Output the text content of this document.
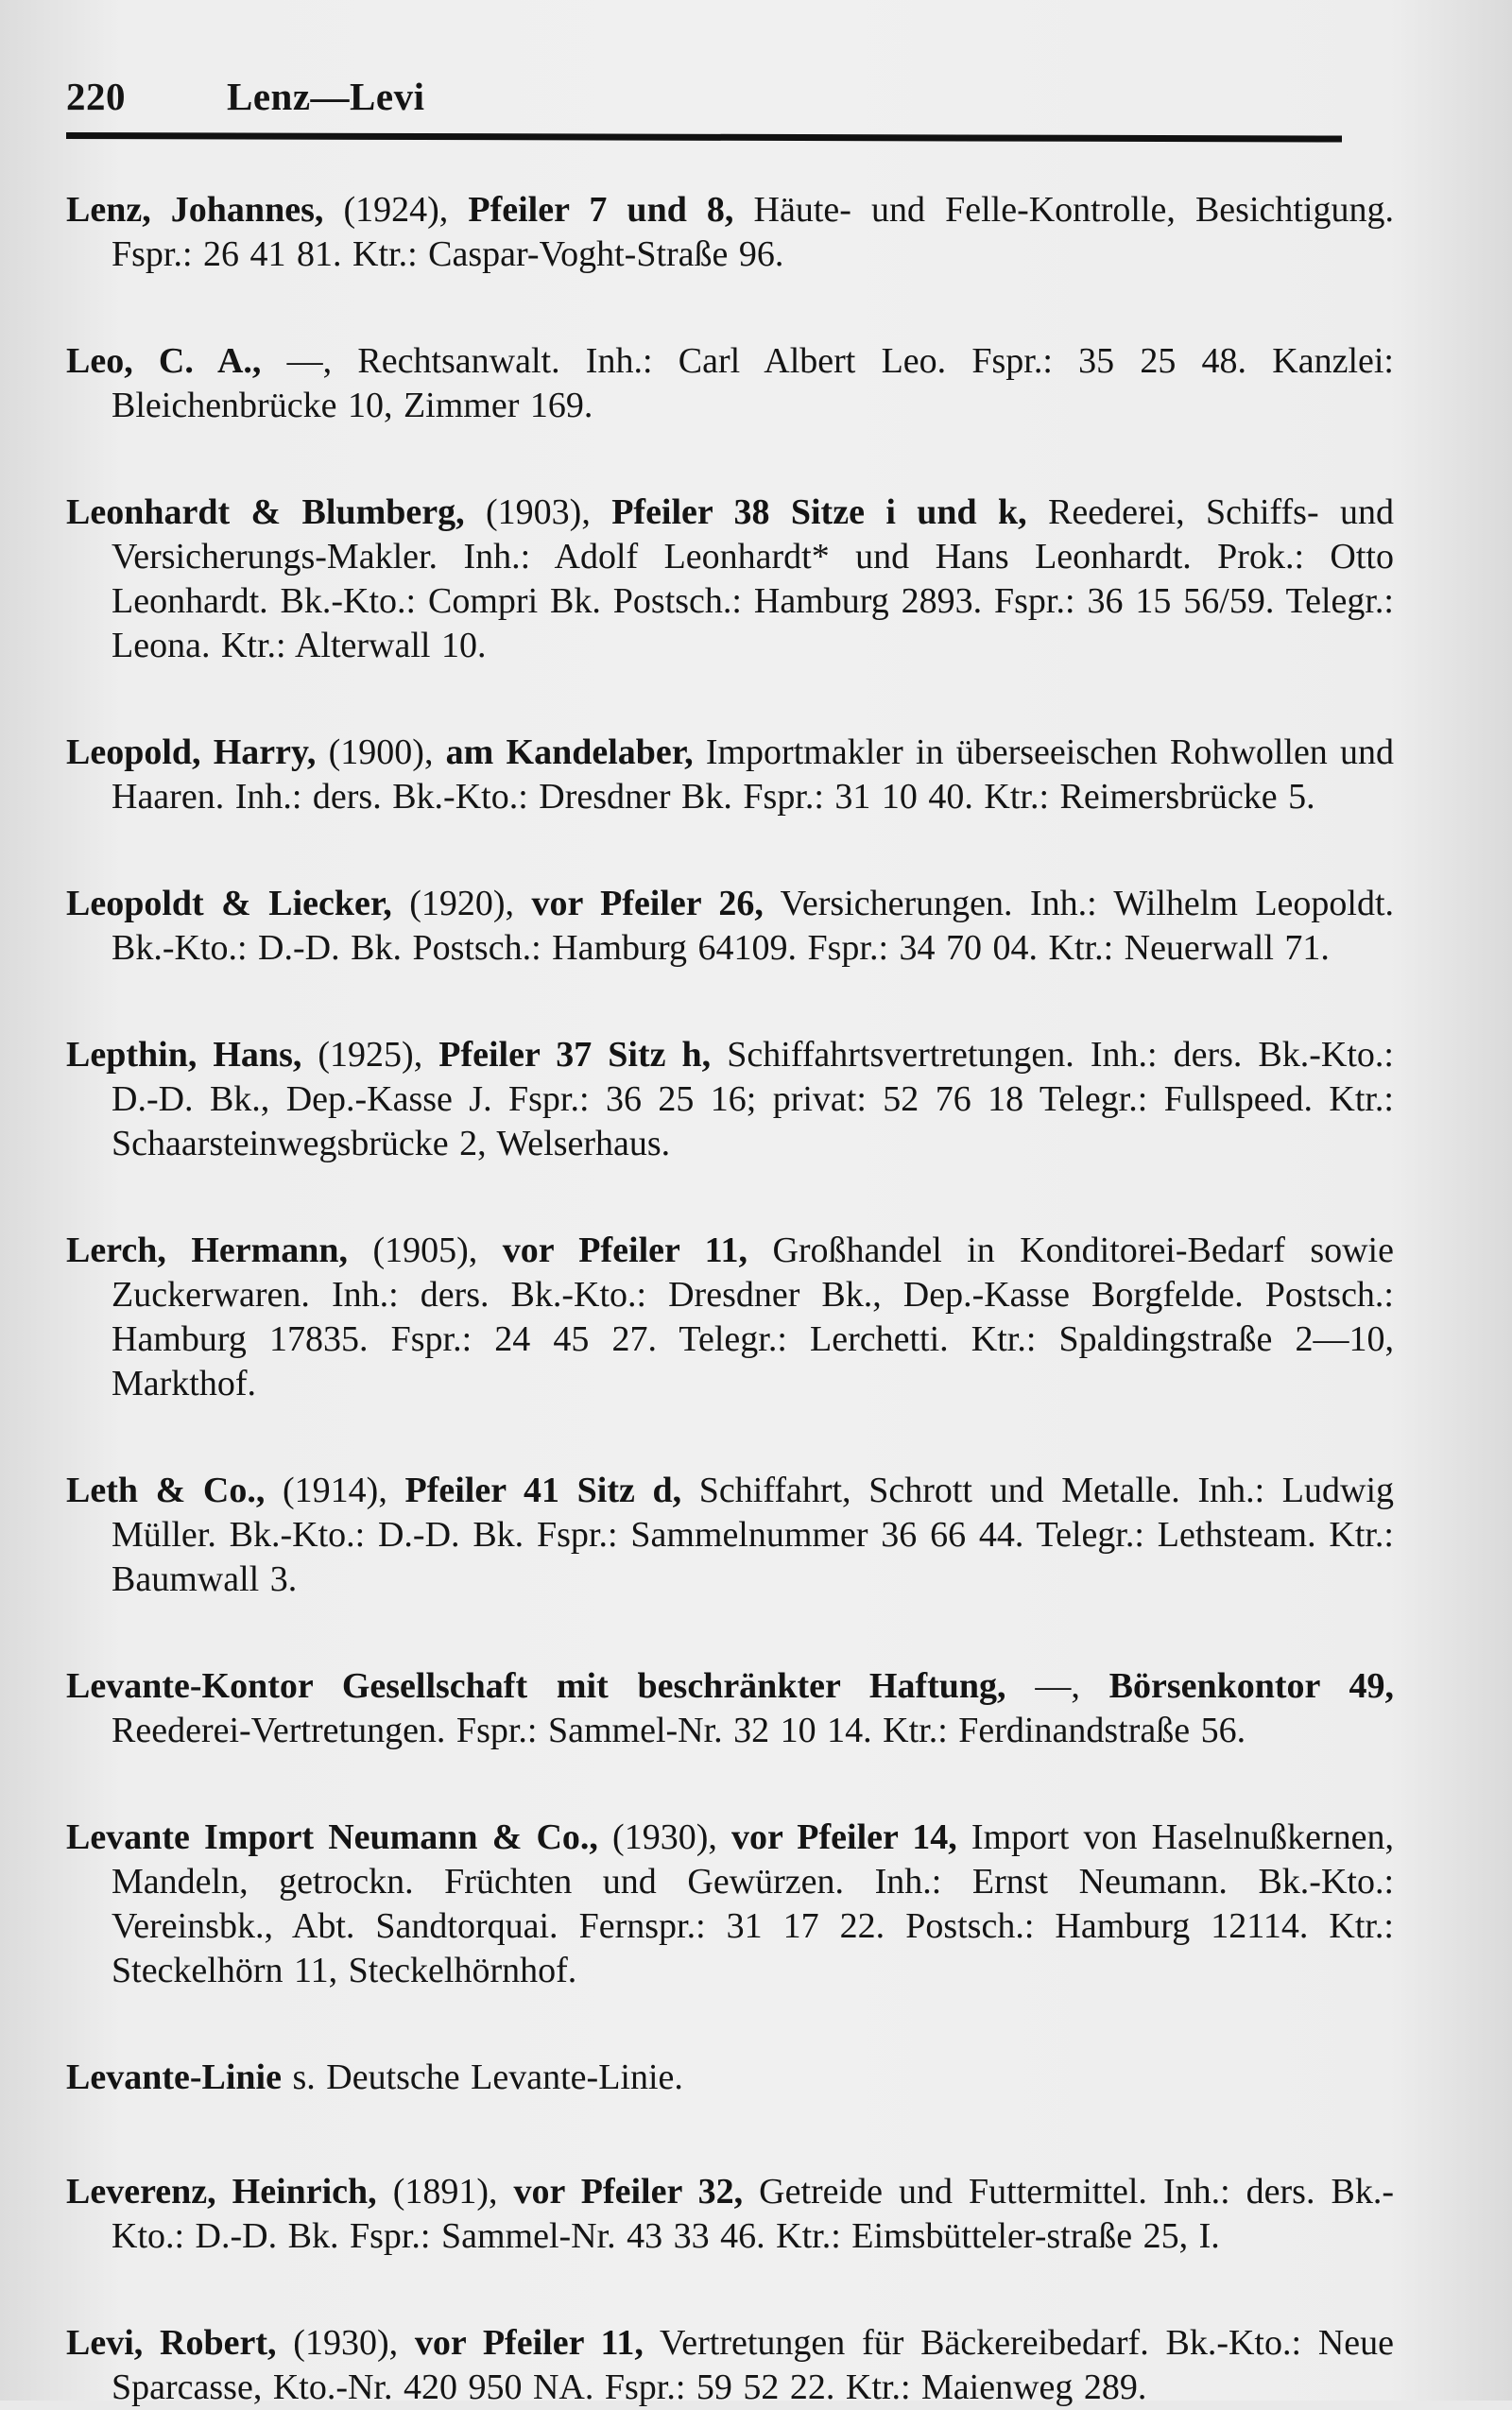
220	Lenz—Levi

Lenz, Johannes, (1924), Pfeiler 7 und 8, Häute- und Felle-Kontrolle, Besichtigung. Fspr.: 26 41 81. Ktr.: Caspar-Voght-Straße 96.

Leo, C. A., —, Rechtsanwalt. Inh.: Carl Albert Leo. Fspr.: 35 25 48. Kanzlei: Bleichenbrücke 10, Zimmer 169.

Leonhardt & Blumberg, (1903), Pfeiler 38 Sitze i und k, Reederei, Schiffs- und Versicherungs-Makler. Inh.: Adolf Leonhardt* und Hans Leonhardt. Prok.: Otto Leonhardt. Bk.-Kto.: Compri Bk. Postsch.: Hamburg 2893. Fspr.: 36 15 56/59. Telegr.: Leona. Ktr.: Alterwall 10.

Leopold, Harry, (1900), am Kandelaber, Importmakler in überseeischen Rohwollen und Haaren. Inh.: ders. Bk.-Kto.: Dresdner Bk. Fspr.: 31 10 40. Ktr.: Reimersbrücke 5.

Leopoldt & Liecker, (1920), vor Pfeiler 26, Versicherungen. Inh.: Wilhelm Leopoldt. Bk.-Kto.: D.-D. Bk. Postsch.: Hamburg 64109. Fspr.: 34 70 04. Ktr.: Neuerwall 71.

Lepthin, Hans, (1925), Pfeiler 37 Sitz h, Schiffahrtsvertretungen. Inh.: ders. Bk.-Kto.: D.-D. Bk., Dep.-Kasse J. Fspr.: 36 25 16; privat: 52 76 18 Telegr.: Fullspeed. Ktr.: Schaarsteinwegsbrücke 2, Welserhaus.

Lerch, Hermann, (1905), vor Pfeiler 11, Großhandel in Konditorei-Bedarf sowie Zuckerwaren. Inh.: ders. Bk.-Kto.: Dresdner Bk., Dep.-Kasse Borgfelde. Postsch.: Hamburg 17835. Fspr.: 24 45 27. Telegr.: Lerchetti. Ktr.: Spaldingstraße 2—10, Markthof.

Leth & Co., (1914), Pfeiler 41 Sitz d, Schiffahrt, Schrott und Metalle. Inh.: Ludwig Müller. Bk.-Kto.: D.-D. Bk. Fspr.: Sammelnummer 36 66 44. Telegr.: Lethsteam. Ktr.: Baumwall 3.

Levante-Kontor Gesellschaft mit beschränkter Haftung, —, Börsenkontor 49, Reederei-Vertretungen. Fspr.: Sammel-Nr. 32 10 14. Ktr.: Ferdinandstraße 56.

Levante Import Neumann & Co., (1930), vor Pfeiler 14, Import von Haselnußkernen, Mandeln, getrockn. Früchten und Gewürzen. Inh.: Ernst Neumann. Bk.-Kto.: Vereinsbk., Abt. Sandtorquai. Fernspr.: 31 17 22. Postsch.: Hamburg 12114. Ktr.: Steckelhörn 11, Steckelhörnhof.

Levante-Linie s. Deutsche Levante-Linie.

Leverenz, Heinrich, (1891), vor Pfeiler 32, Getreide und Futtermittel. Inh.: ders. Bk.-Kto.: D.-D. Bk. Fspr.: Sammel-Nr. 43 33 46. Ktr.: Eimsbütteler-straße 25, I.

Levi, Robert, (1930), vor Pfeiler 11, Vertretungen für Bäckereibedarf. Bk.-Kto.: Neue Sparcasse, Kto.-Nr. 420 950 NA. Fspr.: 59 52 22. Ktr.: Maienweg 289.
